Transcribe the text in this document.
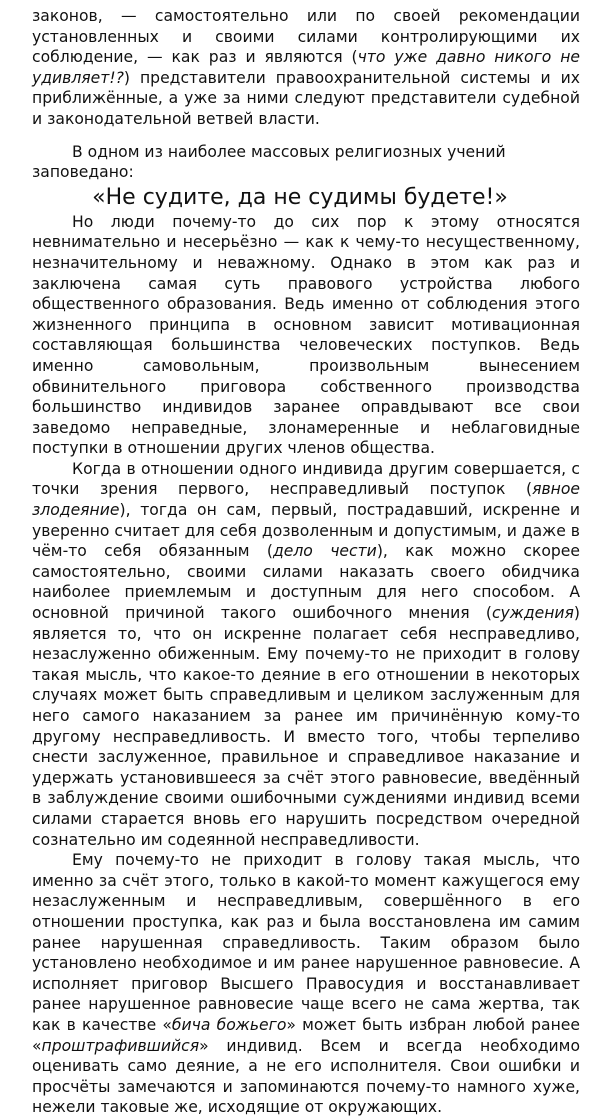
законов, — самостоятельно или по своей рекомендации установленных и своими силами контролирующими их соблюдение, — как раз и являются (что уже давно никого не удивляет!?) представители правоохранительной системы и их приближённые, а уже за ними следуют представители судебной и законодательной ветвей власти.

В одном из наиболее массовых религиозных учений заповедано:

«Не судите, да не судимы будете!»

Но люди почему-то до сих пор к этому относятся невнимательно и несерьёзно — как к чему-то несущественному, незначительному и неважному. Однако в этом как раз и заключена самая суть правового устройства любого общественного образования. Ведь именно от соблюдения этого жизненного принципа в основном зависит мотивационная составляющая большинства человеческих поступков. Ведь именно самовольным, произвольным вынесением обвинительного приговора собственного производства большинство индивидов заранее оправдывают все свои заведомо неправедные, злонамеренные и неблаговидные поступки в отношении других членов общества.

Когда в отношении одного индивида другим совершается, с точки зрения первого, несправедливый поступок (явное злодеяние), тогда он сам, первый, пострадавший, искренне и уверенно считает для себя дозволенным и допустимым, и даже в чём-то себя обязанным (дело чести), как можно скорее самостоятельно, своими силами наказать своего обидчика наиболее приемлемым и доступным для него способом. А основной причиной такого ошибочного мнения (суждения) является то, что он искренне полагает себя несправедливо, незаслуженно обиженным. Ему почему-то не приходит в голову такая мысль, что какое-то деяние в его отношении в некоторых случаях может быть справедливым и целиком заслуженным для него самого наказанием за ранее им причинённую кому-то другому несправедливость. И вместо того, чтобы терпеливо снести заслуженное, правильное и справедливое наказание и удержать установившееся за счёт этого равновесие, введённый в заблуждение своими ошибочными суждениями индивид всеми силами старается вновь его нарушить посредством очередной сознательно им содеянной несправедливости.

Ему почему-то не приходит в голову такая мысль, что именно за счёт этого, только в какой-то момент кажущегося ему незаслуженным и несправедливым, совершённого в его отношении проступка, как раз и была восстановлена им самим ранее нарушенная справедливость. Таким образом было установлено необходимое и им ранее нарушенное равновесие. А исполняет приговор Высшего Правосудия и восстанавливает ранее нарушенное равновесие чаще всего не сама жертва, так как в качестве «бича божьего» может быть избран любой ранее «проштрафившийся» индивид. Всем и всегда необходимо оценивать само деяние, а не его исполнителя. Свои ошибки и просчёты замечаются и запоминаются почему-то намного хуже, нежели таковые же, исходящие от окружающих.
